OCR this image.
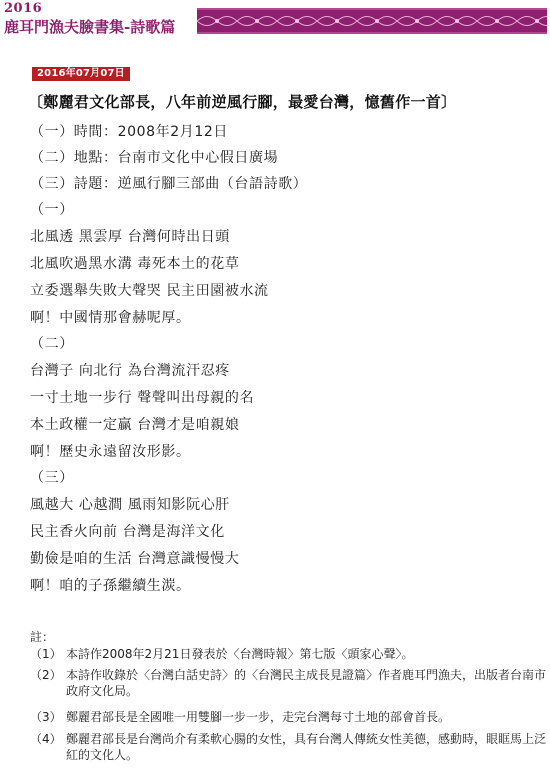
2016
鹿耳門漁夫臉書集-詩歌篇
2016年07月07日
〔鄭麗君文化部長，八年前逆風行腳，最愛台灣，憶舊作一首〕
（一）時間：2008年2月12日
（二）地點：台南市文化中心假日廣場
（三）詩題：逆風行腳三部曲（台語詩歌）
（一）
北風透 黑雲厚 台灣何時出日頭
北風吹過黑水溝 毒死本土的花草
立委選舉失敗大聲哭 民主田園被水流
啊！中國情那會赫呢厚。
（二）
台灣子 向北行 為台灣流汗忍疼
一寸土地一步行 聲聲叫出母親的名
本土政權一定贏 台灣才是咱親娘
啊！歷史永遠留汝形影。
（三）
風越大 心越澗 風雨知影阮心肝
民主香火向前 台灣是海洋文化
勤儉是咱的生活 台灣意識慢慢大
啊！咱的子孫繼續生湠。
註：
（1） 本詩作2008年2月21日發表於〈台灣時報〉第七版〈頭家心聲〉。
（2） 本詩作收錄於〈台灣白話史詩〉的〈台灣民主成長見證篇〉作者鹿耳門漁夫，出版者台南市政府文化局。
（3） 鄭麗君部長是全國唯一用雙腳一步一步，走完台灣每寸土地的部會首長。
（4） 鄭麗君部長是台灣尚介有柔軟心腸的女性，具有台灣人傳統女性美德，感動時，眼眶馬上泛紅的文化人。
